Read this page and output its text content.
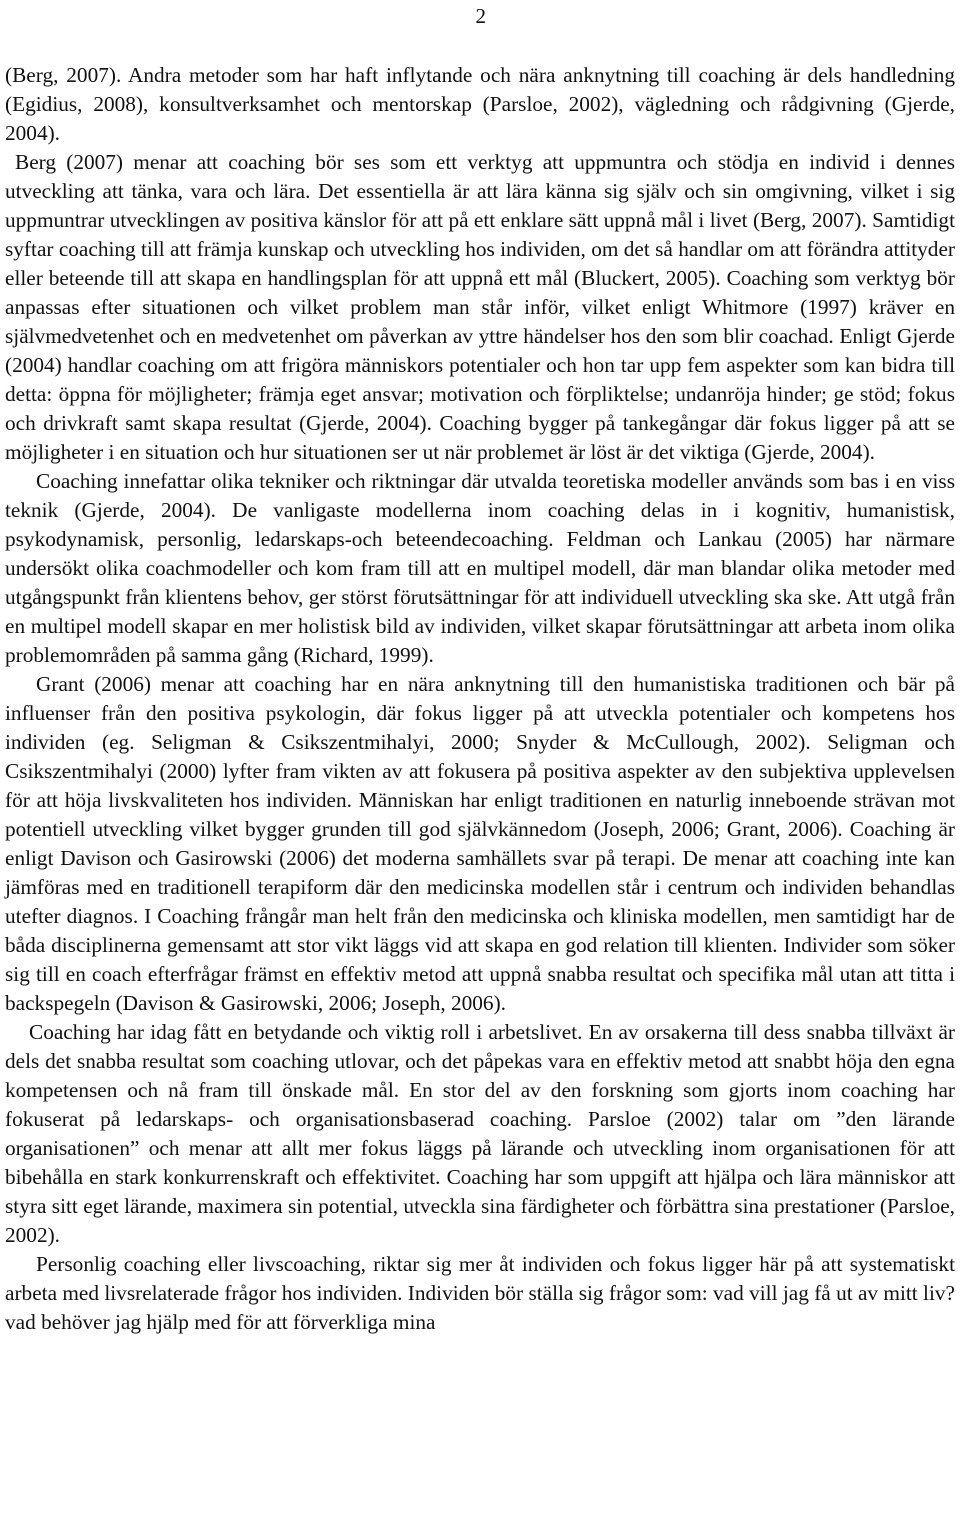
2

(Berg, 2007). Andra metoder som har haft inflytande och nära anknytning till coaching är dels handledning (Egidius, 2008), konsultverksamhet och mentorskap (Parsloe, 2002), vägledning och rådgivning (Gjerde, 2004).

Berg (2007) menar att coaching bör ses som ett verktyg att uppmuntra och stödja en individ i dennes utveckling att tänka, vara och lära. Det essentiella är att lära känna sig själv och sin omgivning, vilket i sig uppmuntrar utvecklingen av positiva känslor för att på ett enklare sätt uppnå mål i livet (Berg, 2007). Samtidigt syftar coaching till att främja kunskap och utveckling hos individen, om det så handlar om att förändra attityder eller beteende till att skapa en handlingsplan för att uppnå ett mål (Bluckert, 2005). Coaching som verktyg bör anpassas efter situationen och vilket problem man står inför, vilket enligt Whitmore (1997) kräver en självmedvetenhet och en medvetenhet om påverkan av yttre händelser hos den som blir coachad. Enligt Gjerde (2004) handlar coaching om att frigöra människors potentialer och hon tar upp fem aspekter som kan bidra till detta: öppna för möjligheter; främja eget ansvar; motivation och förpliktelse; undanröja hinder; ge stöd; fokus och drivkraft samt skapa resultat (Gjerde, 2004). Coaching bygger på tankegångar där fokus ligger på att se möjligheter i en situation och hur situationen ser ut när problemet är löst är det viktiga (Gjerde, 2004).

Coaching innefattar olika tekniker och riktningar där utvalda teoretiska modeller används som bas i en viss teknik (Gjerde, 2004). De vanligaste modellerna inom coaching delas in i kognitiv, humanistisk, psykodynamisk, personlig, ledarskaps-och beteendecoaching. Feldman och Lankau (2005) har närmare undersökt olika coachmodeller och kom fram till att en multipel modell, där man blandar olika metoder med utgångspunkt från klientens behov, ger störst förutsättningar för att individuell utveckling ska ske. Att utgå från en multipel modell skapar en mer holistisk bild av individen, vilket skapar förutsättningar att arbeta inom olika problemområden på samma gång (Richard, 1999).

Grant (2006) menar att coaching har en nära anknytning till den humanistiska traditionen och bär på influenser från den positiva psykologin, där fokus ligger på att utveckla potentialer och kompetens hos individen (eg. Seligman & Csikszentmihalyi, 2000; Snyder & McCullough, 2002). Seligman och Csikszentmihalyi (2000) lyfter fram vikten av att fokusera på positiva aspekter av den subjektiva upplevelsen för att höja livskvaliteten hos individen. Människan har enligt traditionen en naturlig inneboende strävan mot potentiell utveckling vilket bygger grunden till god självkännedom (Joseph, 2006; Grant, 2006). Coaching är enligt Davison och Gasirowski (2006) det moderna samhällets svar på terapi. De menar att coaching inte kan jämföras med en traditionell terapiform där den medicinska modellen står i centrum och individen behandlas utefter diagnos. I Coaching frångår man helt från den medicinska och kliniska modellen, men samtidigt har de båda disciplinerna gemensamt att stor vikt läggs vid att skapa en god relation till klienten. Individer som söker sig till en coach efterfrågar främst en effektiv metod att uppnå snabba resultat och specifika mål utan att titta i backspegeln (Davison & Gasirowski, 2006; Joseph, 2006).

Coaching har idag fått en betydande och viktig roll i arbetslivet. En av orsakerna till dess snabba tillväxt är dels det snabba resultat som coaching utlovar, och det påpekas vara en effektiv metod att snabbt höja den egna kompetensen och nå fram till önskade mål. En stor del av den forskning som gjorts inom coaching har fokuserat på ledarskaps- och organisationsbaserad coaching. Parsloe (2002) talar om ”den lärande organisationen” och menar att allt mer fokus läggs på lärande och utveckling inom organisationen för att bibehålla en stark konkurrenskraft och effektivitet. Coaching har som uppgift att hjälpa och lära människor att styra sitt eget lärande, maximera sin potential, utveckla sina färdigheter och förbättra sina prestationer (Parsloe, 2002).

Personlig coaching eller livscoaching, riktar sig mer åt individen och fokus ligger här på att systematiskt arbeta med livsrelaterade frågor hos individen. Individen bör ställa sig frågor som: vad vill jag få ut av mitt liv? vad behöver jag hjälp med för att förverkliga mina
